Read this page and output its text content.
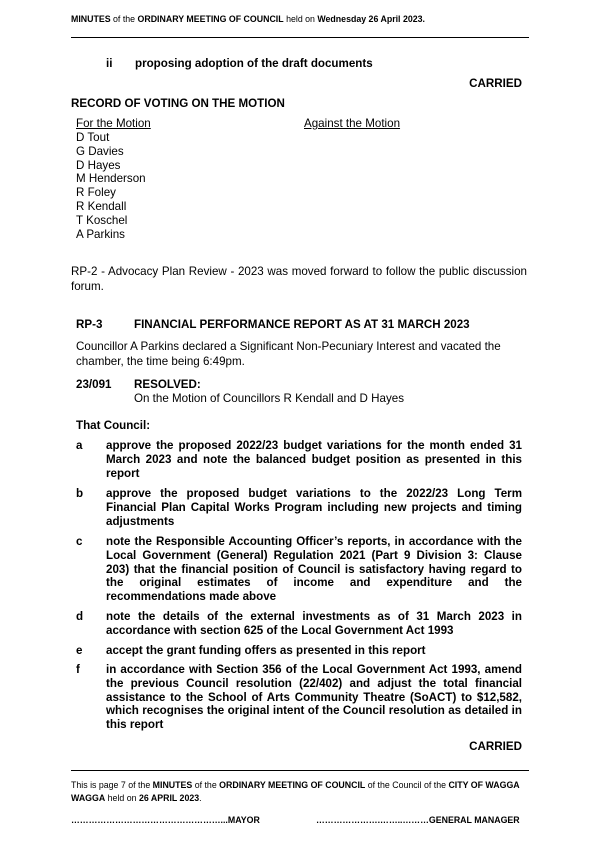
MINUTES of the ORDINARY MEETING OF COUNCIL held on Wednesday 26 April 2023.
ii proposing adoption of the draft documents
CARRIED
RECORD OF VOTING ON THE MOTION
For the Motion	Against the Motion
D Tout
G Davies
D Hayes
M Henderson
R Foley
R Kendall
T Koschel
A Parkins
RP-2 - Advocacy Plan Review - 2023 was moved forward to follow the public discussion forum.
RP-3	FINANCIAL PERFORMANCE REPORT AS AT 31 MARCH 2023
Councillor A Parkins declared a Significant Non-Pecuniary Interest and vacated the chamber, the time being 6:49pm.
23/091 RESOLVED:
On the Motion of Councillors R Kendall and D Hayes
That Council:
a approve the proposed 2022/23 budget variations for the month ended 31 March 2023 and note the balanced budget position as presented in this report
b approve the proposed budget variations to the 2022/23 Long Term Financial Plan Capital Works Program including new projects and timing adjustments
c note the Responsible Accounting Officer’s reports, in accordance with the Local Government (General) Regulation 2021 (Part 9 Division 3: Clause 203) that the financial position of Council is satisfactory having regard to the original estimates of income and expenditure and the recommendations made above
d note the details of the external investments as of 31 March 2023 in accordance with section 625 of the Local Government Act 1993
e accept the grant funding offers as presented in this report
f in accordance with Section 356 of the Local Government Act 1993, amend the previous Council resolution (22/402) and adjust the total financial assistance to the School of Arts Community Theatre (SoACT) to $12,582, which recognises the original intent of the Council resolution as detailed in this report
CARRIED
This is page 7 of the MINUTES of the ORDINARY MEETING OF COUNCIL of the Council of the CITY OF WAGGA WAGGA held on 26 APRIL 2023.
……………………………………………...MAYOR	………………….……..………GENERAL MANAGER
